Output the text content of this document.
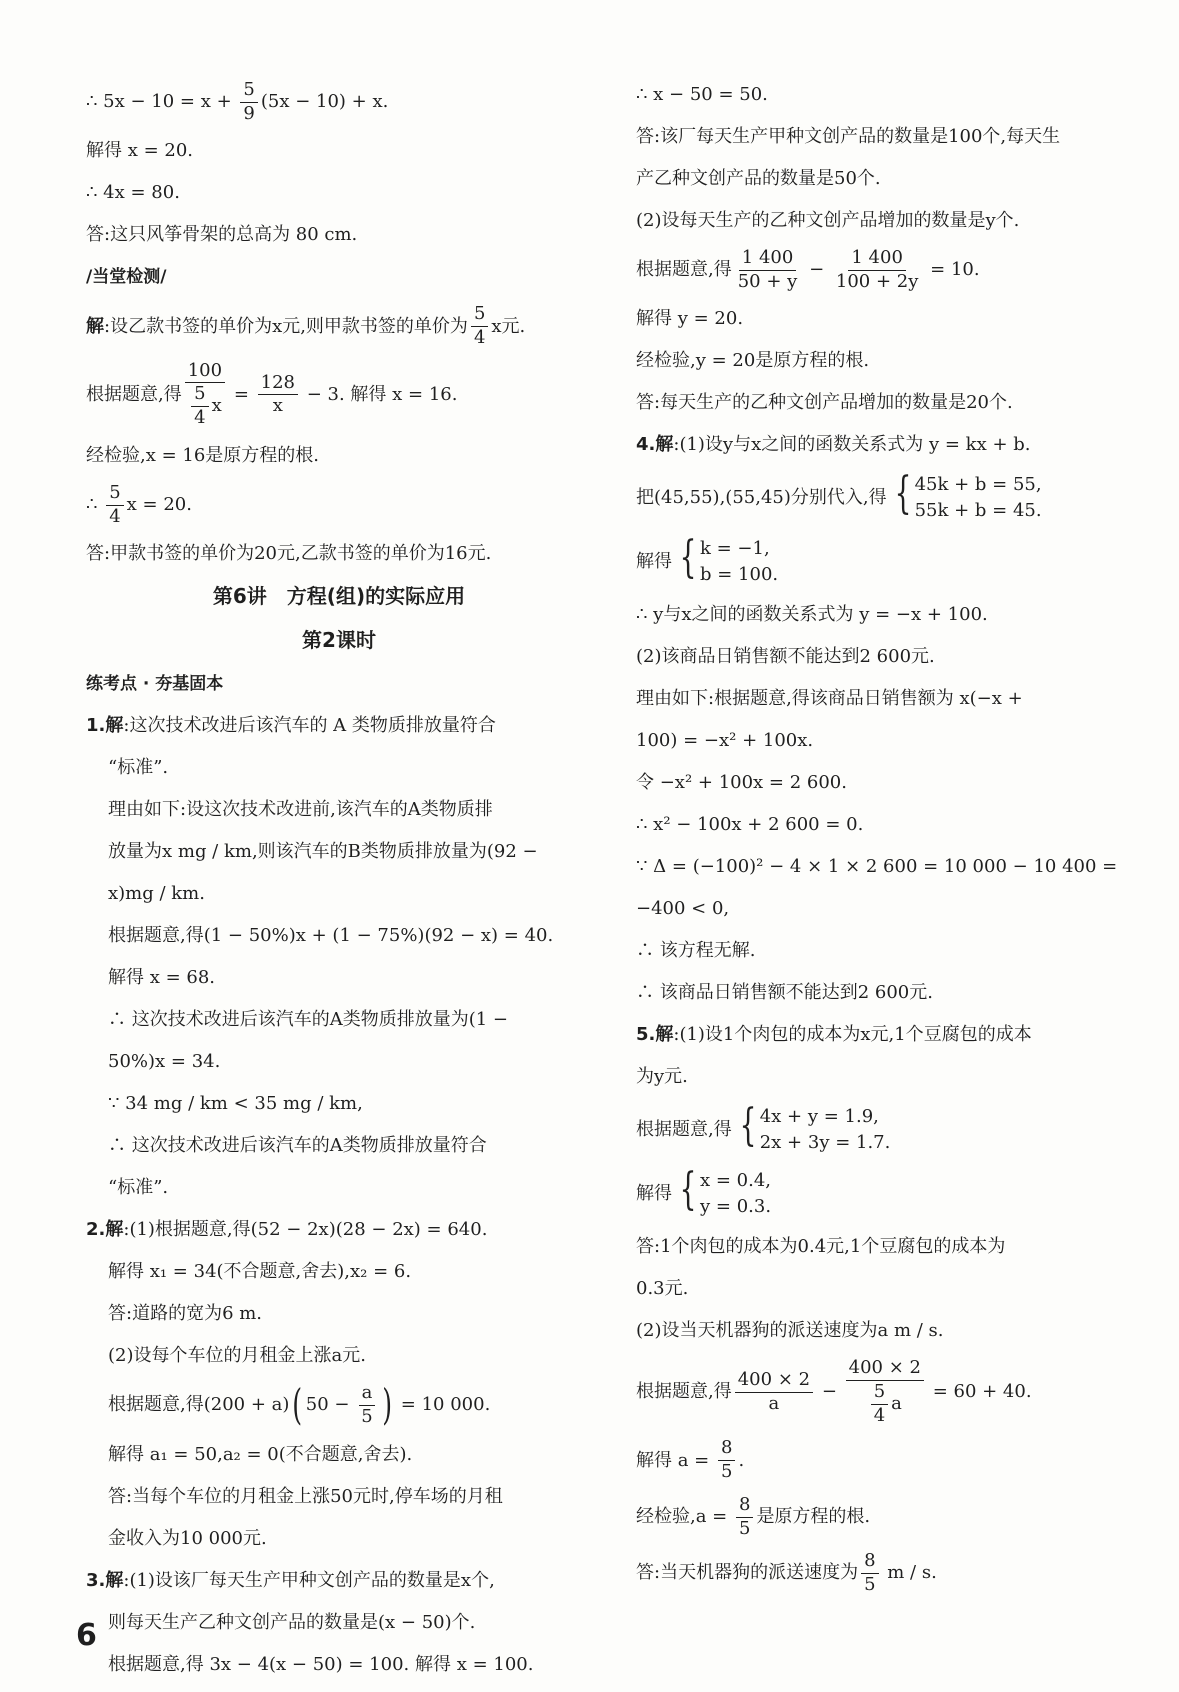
∴ $5x - 10 = x + \frac{5}{9} (5x - 10) + x$.
解得 x = 20.
∴ 4x = 80.
答:这只风筝骨架的总高为 80 cm.
/当堂检测/
解 :设乙款书签的单价为x元,则甲款书签的单价为 $\frac{5}{4}$ x元.
根据题意,得 $\frac{100}{\frac{5}{4} x} = \frac{128}{x} - 3$. 解得 x = 16.
经检验,x = 16是原方程的根.
∴ $\frac{5}{4}$ x = 20.
答:甲款书签的单价为20元,乙款书签的单价为16元.
第6讲　方程(组)的实际应用
第2课时
练考点 · 夯基固本
1.解 :这次技术改进后该汽车的 A 类物质排放量符合
“标准”.
理由如下:设这次技术改进前,该汽车的A类物质排
放量为x mg / km,则该汽车的B类物质排放量为(92 −
x)mg / km.
根据题意,得(1 − 50%)x + (1 − 75%)(92 − x) = 40.
解得 x = 68.
∴ 这次技术改进后该汽车的A类物质排放量为(1 −
50%)x = 34.
∵ 34 mg / km < 35 mg / km,
∴ 这次技术改进后该汽车的A类物质排放量符合
“标准”.
2.解 :(1)根据题意,得(52 − 2x)(28 − 2x) = 640.
解得 x₁ = 34(不合题意,舍去),x₂ = 6.
答:道路的宽为6 m.
(2)设每个车位的月租金上涨a元.
根据题意,得(200 + a) ( $50 - \frac{a}{5}$ ) = 10 000.
解得 a₁ = 50,a₂ = 0(不合题意,舍去).
答:当每个车位的月租金上涨50元时,停车场的月租
金收入为10 000元.
3.解 :(1)设该厂每天生产甲种文创产品的数量是x个,
则每天生产乙种文创产品的数量是(x − 50)个.
根据题意,得 3x − 4(x − 50) = 100. 解得 x = 100.
∴ x − 50 = 50.
答:该厂每天生产甲种文创产品的数量是100个,每天生
产乙种文创产品的数量是50个.
(2)设每天生产的乙种文创产品增加的数量是y个.
根据题意,得 $\frac{1 400}{50 + y} - \frac{1 400}{100 + 2y} = 10$.
解得 y = 20.
经检验,y = 20是原方程的根.
答:每天生产的乙种文创产品增加的数量是20个.
4.解 :(1)设y与x之间的函数关系式为 y = kx + b.
把(45,55),(55,45)分别代入,得 { 45k + b = 55,
55k + b = 45.
解得 { k = −1,
b = 100.
∴ y与x之间的函数关系式为 y = −x + 100.
(2)该商品日销售额不能达到2 600元.
理由如下:根据题意,得该商品日销售额为 x(−x +
100) = −x² + 100x.
令 −x² + 100x = 2 600.
∴ x² − 100x + 2 600 = 0.
∵ Δ = (−100)² − 4 × 1 × 2 600 = 10 000 − 10 400 =
−400 < 0,
∴ 该方程无解.
∴ 该商品日销售额不能达到2 600元.
5.解 :(1)设1个肉包的成本为x元,1个豆腐包的成本
为y元.
根据题意,得 { 4x + y = 1.9,
2x + 3y = 1.7.
解得 { x = 0.4,
y = 0.3.
答:1个肉包的成本为0.4元,1个豆腐包的成本为
0.3元.
(2)设当天机器狗的派送速度为a m / s.
根据题意,得 $\frac{400 \times 2}{a} - \frac{400 \times 2}{\frac{5}{4} a} = 60 + 40$.
解得 $a = \frac{8}{5}$ .
经检验$,a = \frac{8}{5}$ 是原方程的根.
答:当天机器狗的派送速度为 $\frac{8}{5}$ m / s.
6
